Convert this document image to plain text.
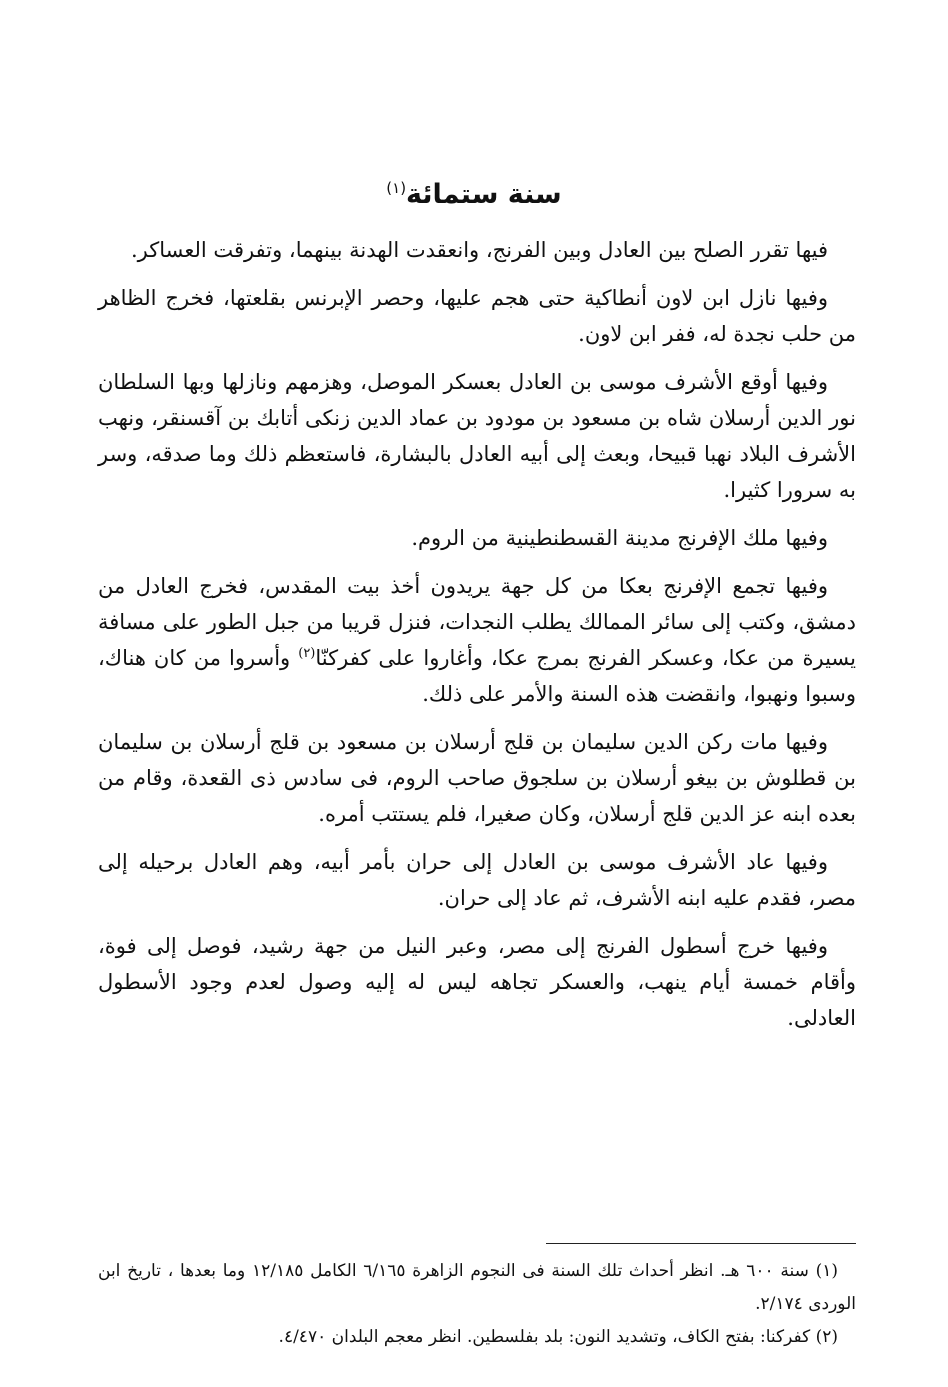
سنة ستمائة$^{(١)}$

فيها تقرر الصلح بين العادل وبين الفرنج، وانعقدت الهدنة بينهما، وتفرقت العساكر.

وفيها نازل ابن لاون أنطاكية حتى هجم عليها، وحصر الإبرنس بقلعتها، فخرج الظاهر من حلب نجدة له، ففر ابن لاون.

وفيها أوقع الأشرف موسى بن العادل بعسكر الموصل، وهزمهم ونازلها وبها السلطان نور الدين أرسلان شاه بن مسعود بن مودود بن عماد الدين زنكى أتابك بن آقسنقر، ونهب الأشرف البلاد نهبا قبيحا، وبعث إلى أبيه العادل بالبشارة، فاستعظم ذلك وما صدقه، وسر به سرورا كثيرا.

وفيها ملك الإفرنج مدينة القسطنطينية من الروم.

وفيها تجمع الإفرنج بعكا من كل جهة يريدون أخذ بيت المقدس، فخرج العادل من دمشق، وكتب إلى سائر الممالك يطلب النجدات، فنزل قريبا من جبل الطور على مسافة يسيرة من عكا، وعسكر الفرنج بمرج عكا، وأغاروا على كفركنّا$^{(٢)}$ وأسروا من كان هناك، وسبوا ونهبوا، وانقضت هذه السنة والأمر على ذلك.

وفيها مات ركن الدين سليمان بن قلج أرسلان بن مسعود بن قلج أرسلان بن سليمان بن قطلوش بن بيغو أرسلان بن سلجوق صاحب الروم، فى سادس ذى القعدة، وقام من بعده ابنه عز الدين قلج أرسلان، وكان صغيرا، فلم يستتب أمره.

وفيها عاد الأشرف موسى بن العادل إلى حران بأمر أبيه، وهم العادل برحيله إلى مصر، فقدم عليه ابنه الأشرف، ثم عاد إلى حران.

وفيها خرج أسطول الفرنج إلى مصر، وعبر النيل من جهة رشيد، فوصل إلى فوة، وأقام خمسة أيام ينهب، والعسكر تجاهه ليس له إليه وصول لعدم وجود الأسطول العادلى.

(١) سنة ٦٠٠ هـ. انظر أحداث تلك السنة فى النجوم الزاهرة ٦/١٦٥ الكامل ١٢/١٨٥ وما بعدها ، تاريخ ابن الوردى ٢/١٧٤.

(٢) كفركنا: بفتح الكاف، وتشديد النون: بلد بفلسطين. انظر معجم البلدان ٤/٤٧٠.
